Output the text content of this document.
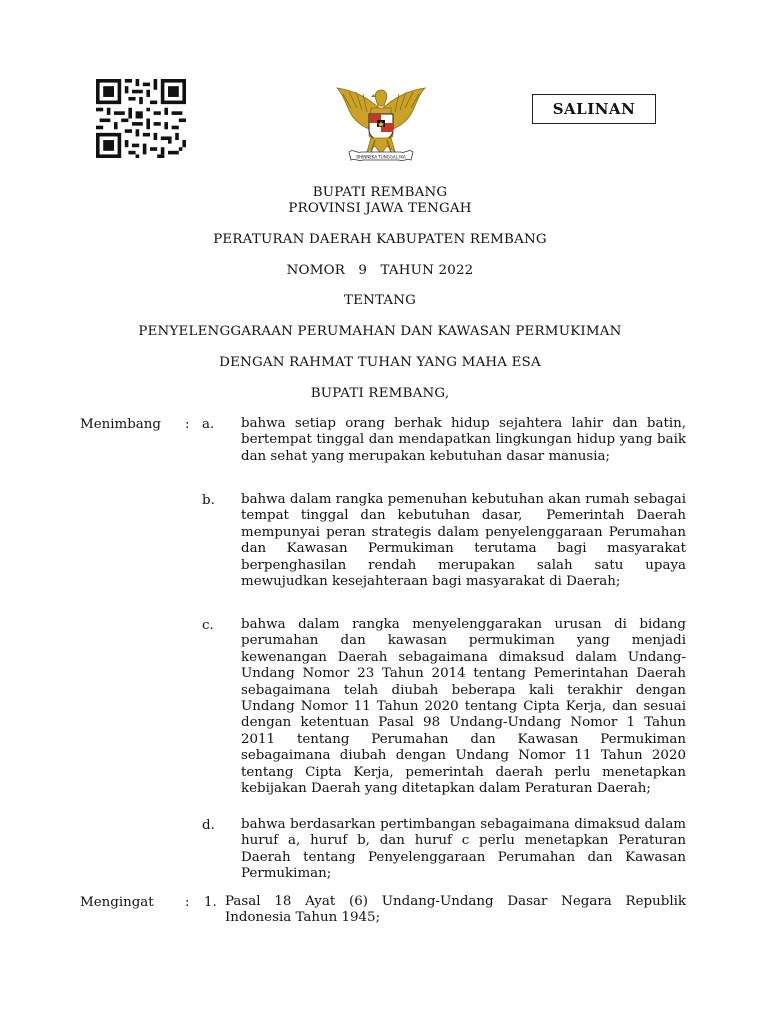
BHINNEKA TUNGGAL IKA
SALINAN
BUPATI REMBANG
PROVINSI JAWA TENGAH
PERATURAN DAERAH KABUPATEN REMBANG
NOMOR   9   TAHUN 2022
TENTANG
PENYELENGGARAAN PERUMAHAN DAN KAWASAN PERMUKIMAN
DENGAN RAHMAT TUHAN YANG MAHA ESA
BUPATI REMBANG,
Menimbang : a. bahwa setiap orang berhak hidup sejahtera lahir dan batin, bertempat tinggal dan mendapatkan lingkungan hidup yang baik dan sehat yang merupakan kebutuhan dasar manusia;
b. bahwa dalam rangka pemenuhan kebutuhan akan rumah sebagai tempat tinggal dan kebutuhan dasar,  Pemerintah Daerah mempunyai peran strategis dalam penyelenggaraan Perumahan dan Kawasan Permukiman terutama bagi masyarakat berpenghasilan rendah merupakan salah satu upaya mewujudkan kesejahteraan bagi masyarakat di Daerah;
c. bahwa dalam rangka menyelenggarakan urusan di bidang perumahan dan kawasan permukiman yang menjadi kewenangan Daerah sebagaimana dimaksud dalam Undang-Undang Nomor 23 Tahun 2014 tentang Pemerintahan Daerah sebagaimana telah diubah beberapa kali terakhir dengan Undang Nomor 11 Tahun 2020 tentang Cipta Kerja, dan sesuai dengan ketentuan Pasal 98 Undang-Undang Nomor 1 Tahun 2011 tentang Perumahan dan Kawasan Permukiman sebagaimana diubah dengan Undang Nomor 11 Tahun 2020 tentang Cipta Kerja, pemerintah daerah perlu menetapkan kebijakan Daerah yang ditetapkan dalam Peraturan Daerah;
d. bahwa berdasarkan pertimbangan sebagaimana dimaksud dalam huruf a, huruf b, dan huruf c perlu menetapkan Peraturan Daerah tentang Penyelenggaraan Perumahan dan Kawasan Permukiman;
Mengingat : 1. Pasal 18 Ayat (6) Undang-Undang Dasar Negara Republik Indonesia Tahun 1945;
